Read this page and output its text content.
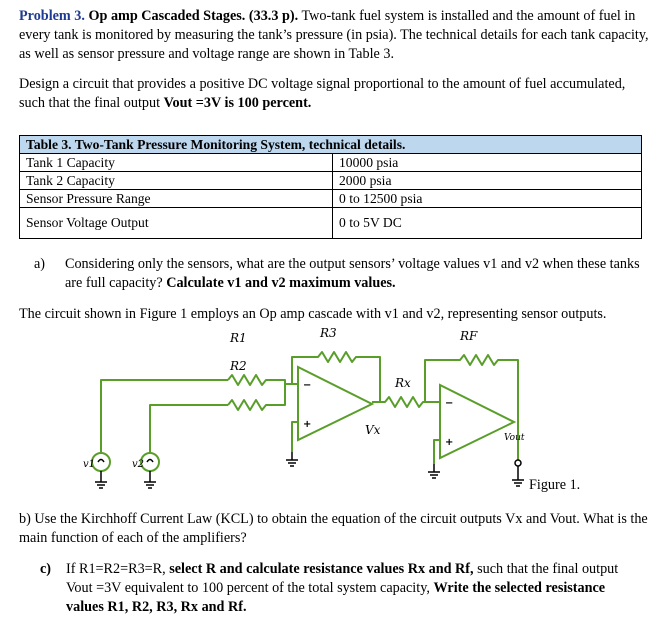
Problem 3. Op amp Cascaded Stages. (33.3 p). Two-tank fuel system is installed and the amount of fuel in every tank is monitored by measuring the tank’s pressure (in psia). The technical details for each tank capacity, as well as sensor pressure and voltage range are shown in Table 3.
Design a circuit that provides a positive DC voltage signal proportional to the amount of fuel accumulated, such that the final output Vout =3V is 100 percent.
Table 3. Two-Tank Pressure Monitoring System, technical details.	
Tank 1 Capacity	10000 psia
Tank 2 Capacity	2000 psia
Sensor Pressure Range	0 to 12500 psia
Sensor Voltage Output	0 to 5V DC
a) Considering only the sensors, what are the output sensors’ voltage values v1 and v2 when these tanks are full capacity? Calculate v1 and v2 maximum values.
The circuit shown in Figure 1 employs an Op amp cascade with v1 and v2, representing sensor outputs.
−
+
−
+
R1	R3
R2
Rx
RF
Vx
Vout
v1	v2
Figure 1.
b) Use the Kirchhoff Current Law (KCL) to obtain the equation of the circuit outputs Vx and Vout. What is the main function of each of the amplifiers?
c) If R1=R2=R3=R, select R and calculate resistance values Rx and Rf, such that the final output Vout =3V equivalent to 100 percent of the total system capacity, Write the selected resistance values R1, R2, R3, Rx and Rf.
